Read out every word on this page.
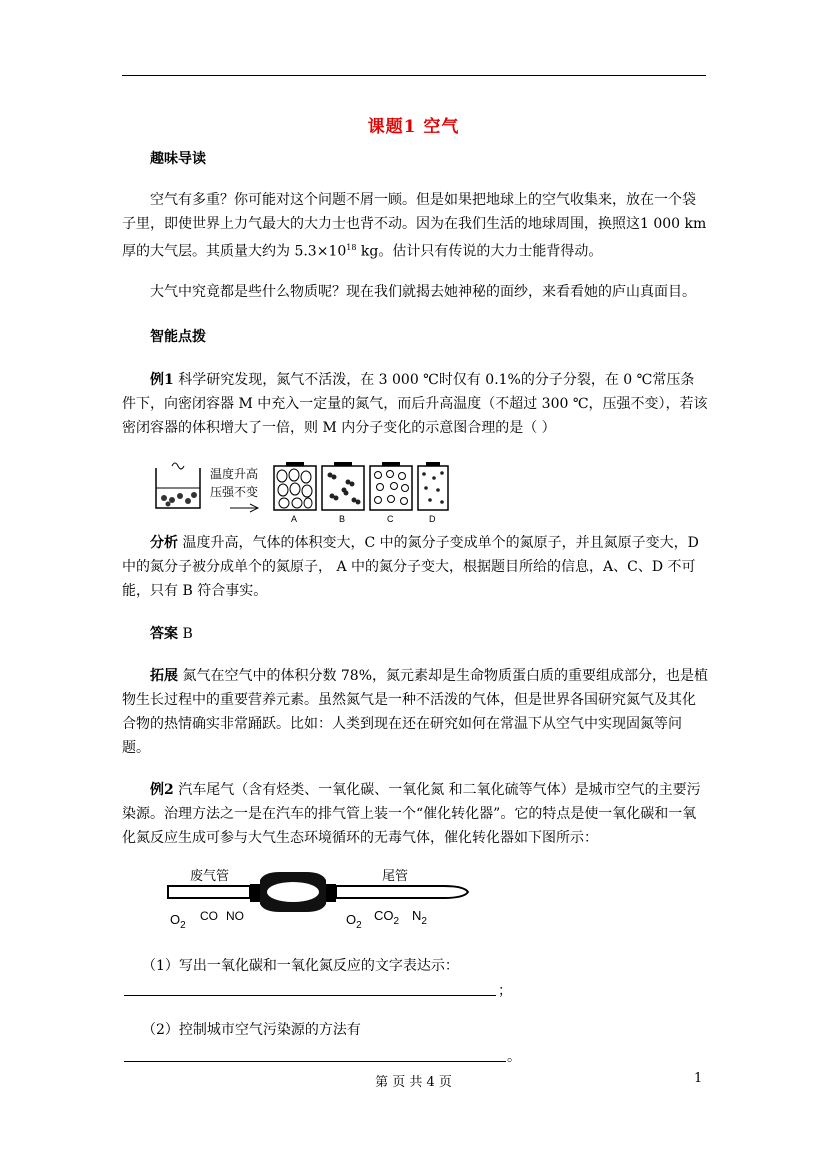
课题1 空气
趣味导读
空气有多重？你可能对这个问题不屑一顾。但是如果把地球上的空气收集来，放在一个袋子里，即使世界上力气最大的大力士也背不动。因为在我们生活的地球周围，换照这1 000 km厚的大气层。其质量大约为 $5.3\times 10^{18}$ kg。估计只有传说的大力士能背得动。
大气中究竟都是些什么物质呢？现在我们就揭去她神秘的面纱，来看看她的庐山真面目。
智能点拨
例1 科学研究发现，氮气不活泼，在 3 000 ℃时仅有 0.1%的分子分裂，在 0 ℃常压条件下，向密闭容器 M 中充入一定量的氮气，而后升高温度（不超过 300 ℃，压强不变），若该密闭容器的体积增大了一倍，则 M 内分子变化的示意图合理的是（ ）
温度升高
压强不变
A	B	C	D
分析 温度升高，气体的体积变大，C 中的氮分子变成单个的氮原子，并且氮原子变大，D 中的氮分子被分成单个的氮原子， A 中的氮分子变大，根据题目所给的信息，A、C、D 不可能，只有 B 符合事实。
答案 B
拓展 氮气在空气中的体积分数 78%，氮元素却是生命物质蛋白质的重要组成部分，也是植物生长过程中的重要营养元素。虽然氮气是一种不活泼的气体，但是世界各国研究氮气及其化合物的热情确实非常踊跃。比如：人类到现在还在研究如何在常温下从空气中实现固氮等问题。
例2 汽车尾气（含有烃类、一氧化碳、一氧化氮 和二氧化硫等气体）是城市空气的主要污染源。治理方法之一是在汽车的排气管上装一个“催化转化器”。它的特点是使一氧化碳和一氧化氮反应生成可参与大气生态环境循环的无毒气体，催化转化器如下图所示：
废气管	尾管
$O_2$
CO NO	$O_2$
$CO_2$ $N_2$
（1）写出一氧化碳和一氧化氮反应的文字表达示：
；
（2）控制城市空气污染源的方法有
。
第 页 共 4 页	1
